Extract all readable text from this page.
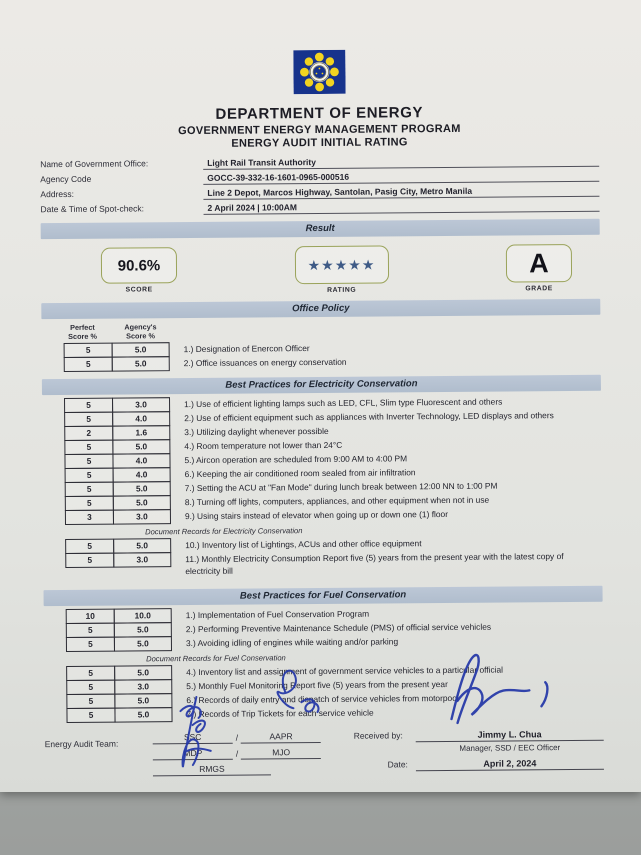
DEPARTMENT OF ENERGY
GOVERNMENT ENERGY MANAGEMENT PROGRAM
ENERGY AUDIT INITIAL RATING
Name of Government Office:	Light Rail Transit Authority
Agency Code	GOCC-39-332-16-1601-0965-000516
Address:	Line 2 Depot, Marcos Highway, Santolan, Pasig City, Metro Manila
Date & Time of Spot-check:	2 April 2024 | 10:00AM
Result
90.6%
SCORE
★★★★★
RATING
A
GRADE
Office Policy
Perfect
Score %
Agency's
Score %
5	5.0	1.) Designation of Enercon Officer
5	5.0	2.) Office issuances on energy conservation
Best Practices for Electricity Conservation
5	3.0	1.) Use of efficient lighting lamps such as LED, CFL, Slim type Fluorescent and others
5	4.0	2.) Use of efficient equipment such as appliances with Inverter Technology, LED displays and others
2	1.6	3.) Utilizing daylight whenever possible
5	5.0	4.) Room temperature not lower than 24°C
5	4.0	5.) Aircon operation are scheduled from 9:00 AM to 4:00 PM
5	4.0	6.) Keeping the air conditioned room sealed from air infiltration
5	5.0	7.) Setting the ACU at "Fan Mode" during lunch break between 12:00 NN to 1:00 PM
5	5.0	8.) Turning off lights, computers, appliances, and other equipment when not in use
3	3.0	9.) Using stairs instead of elevator when going up or down one (1) floor
Document Records for Electricity Conservation
5	5.0	10.) Inventory list of Lightings, ACUs and other office equipment
5	3.0	11.) Monthly Electricity Consumption Report five (5) years from the present year with the latest copy of electricity bill
Best Practices for Fuel Conservation
10	10.0	1.) Implementation of Fuel Conservation Program
5	5.0	2.) Performing Preventive Maintenance Schedule (PMS) of official service vehicles
5	5.0	3.) Avoiding idling of engines while waiting and/or parking
Document Records for Fuel Conservation
5	5.0	4.) Inventory list and assignment of government service vehicles to a particular official
5	3.0	5.) Monthly Fuel Monitoring Report five (5) years from the present year
5	5.0	6.) Records of daily entry and dispatch of service vehicles from motorpool
5	5.0	7.) Records of Trip Tickets for each service vehicle
Energy Audit Team:
SSC	/	AAPR
MDP	/	MJO
RMGS
Received by:	Jimmy L. Chua
Manager, SSD / EEC Officer
Date:	April 2, 2024
